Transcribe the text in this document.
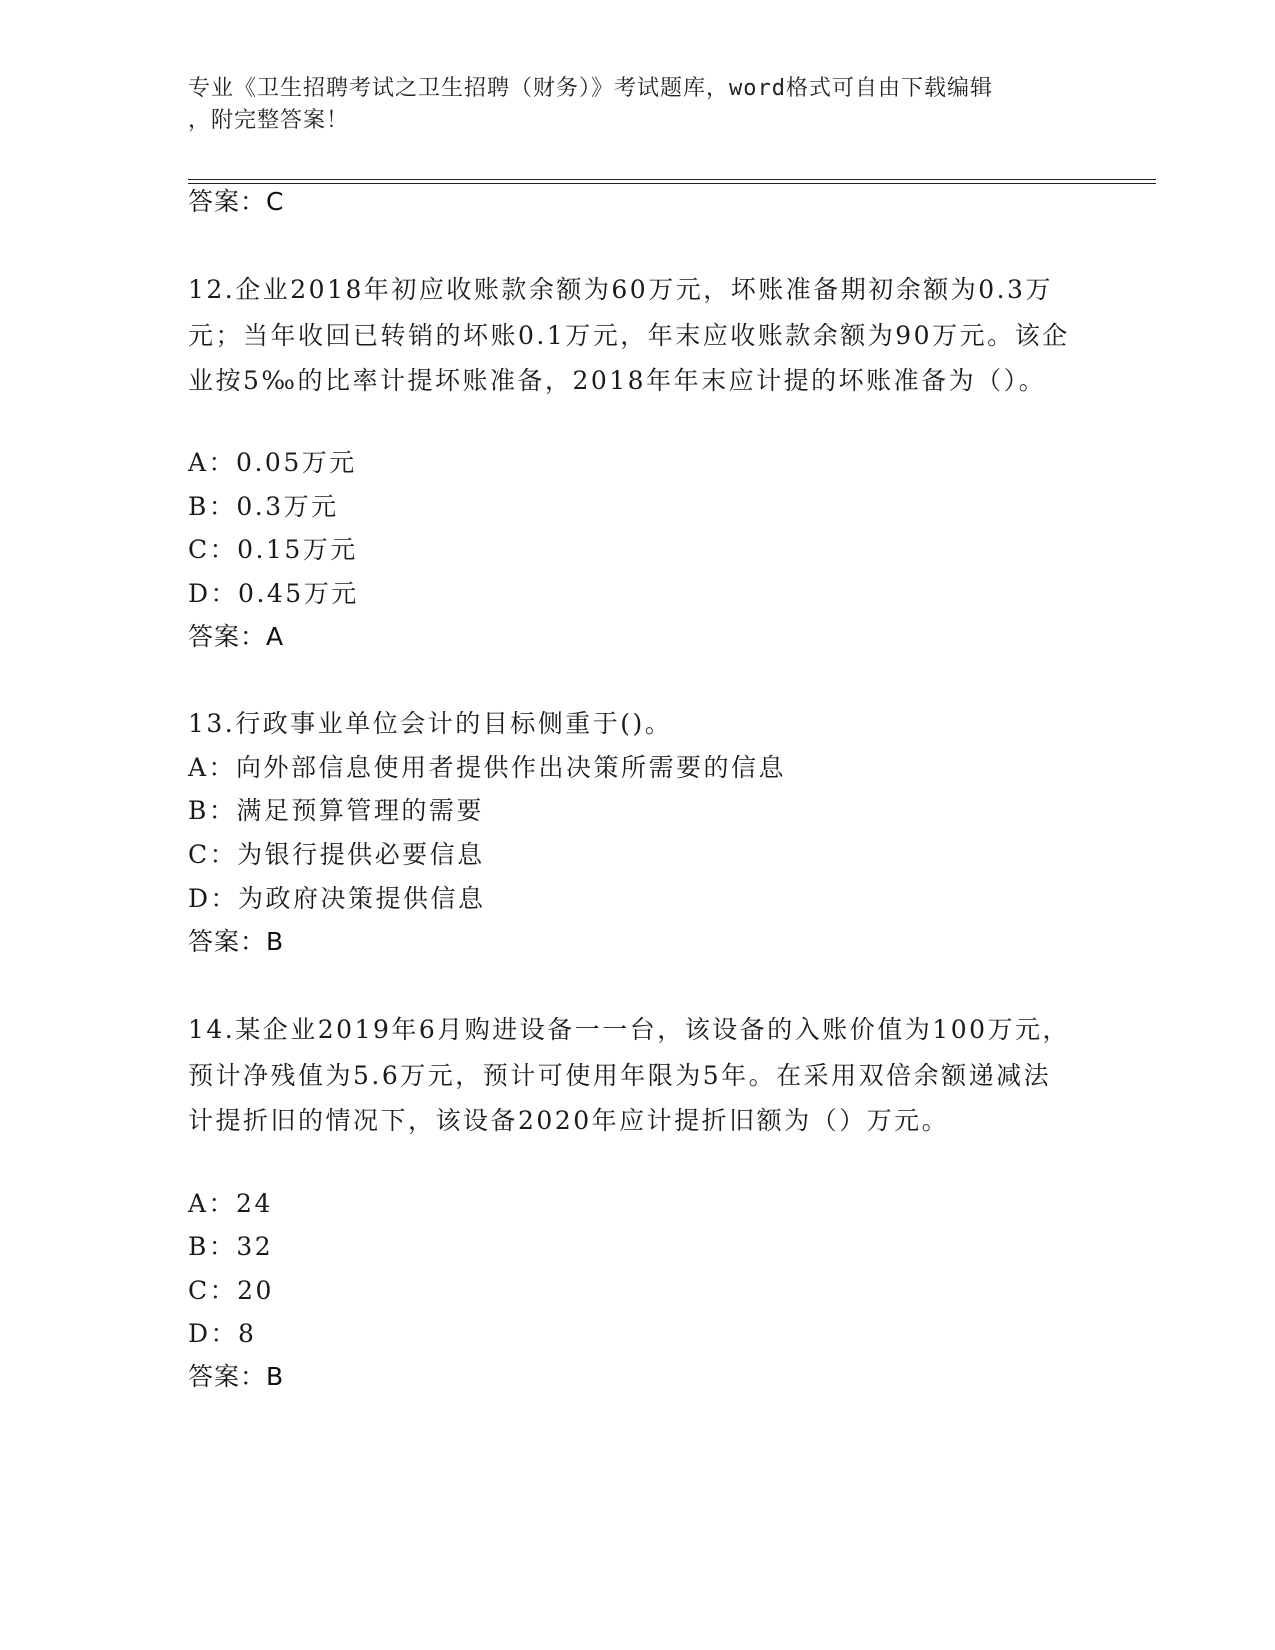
专业《卫生招聘考试之卫生招聘（财务）》考试题库，word格式可自由下载编辑
，附完整答案！
答案：C
12.企业2018年初应收账款余额为60万元，坏账准备期初余额为0.3万元；当年收回已转销的坏账0.1万元，年末应收账款余额为90万元。该企业按5‰的比率计提坏账准备，2018年年末应计提的坏账准备为（）。
A：0.05万元
B：0.3万元
C：0.15万元
D：0.45万元
答案：A
13.行政事业单位会计的目标侧重于()。
A：向外部信息使用者提供作出决策所需要的信息
B：满足预算管理的需要
C：为银行提供必要信息
D：为政府决策提供信息
答案：B
14.某企业2019年6月购进设备一一台，该设备的入账价值为100万元，预计净残值为5.6万元，预计可使用年限为5年。在采用双倍余额递减法计提折旧的情况下，该设备2020年应计提折旧额为（）万元。
A：24
B：32
C：20
D：8
答案：B
